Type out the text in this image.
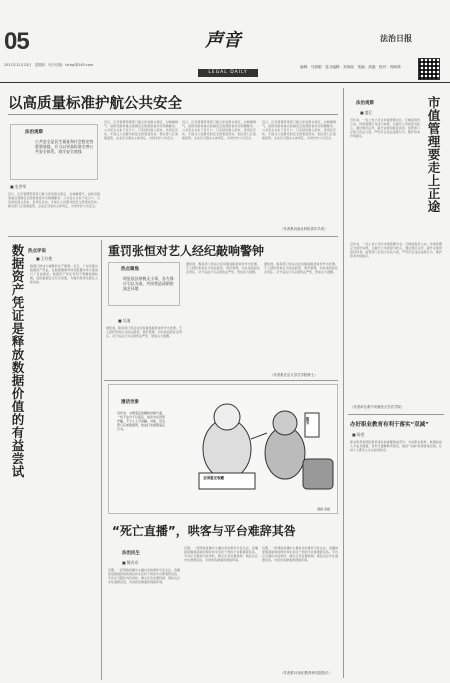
05
2021年12月23日　星期四　电子信箱：fzrbpl@163.com
声音
LEGAL DAILY
编辑：马树娟　见习编辑：刘客瑶　美编：高磊　校对：郭海鸿
法治日报
以高质量标准护航公共安全
法治观察
公共安全是民生福祉和社会稳定的重要前提。应当以更高标准完善公共安全体系，筑牢安全底线
■ 史洪举
近日，应急管理部等部门联合印发相关规定，对城镇燃气、消防设施等重点领域安全隐患排查作出明确要求。公共安全关系千家万户，只有把标准立起来、把责任压实，才能让人民群众的安全感更加充实。相关部门应加强监管，企业应当落实主体责任，共同守护公共安全。
近日，应急管理部等部门联合印发相关规定，对城镇燃气、消防设施等重点领域安全隐患排查作出明确要求。公共安全关系千家万户，只有把标准立起来、把责任压实，才能让人民群众的安全感更加充实。相关部门应加强监管，企业应当落实主体责任，共同守护公共安全。
近日，应急管理部等部门联合印发相关规定，对城镇燃气、消防设施等重点领域安全隐患排查作出明确要求。公共安全关系千家万户，只有把标准立起来、把责任压实，才能让人民群众的安全感更加充实。相关部门应加强监管，企业应当落实主体责任，共同守护公共安全。
近日，应急管理部等部门联合印发相关规定，对城镇燃气、消防设施等重点领域安全隐患排查作出明确要求。公共安全关系千家万户，只有把标准立起来、把责任压实，才能让人民群众的安全感更加充实。相关部门应加强监管，企业应当落实主体责任，共同守护公共安全。
（作者系河南社科院青年学者）
热点评说
■ 王红艳
数据资产凭证是释放数据价值的有益尝试	数据已经成为重要的生产要素。近日，广东省推出数据资产凭证，在数据要素市场化配置改革方面进行了有益探索。数据资产凭证有利于明确数据权属，促进数据安全有序流通，为数字经济发展注入新动能。
重罚张恒对艺人经纪敲响警钟
热点聚焦
明星依法纳税无小事，各方都应引以为戒，共同营造清朗的演艺环境
■ 吴迪
据报道，税务部门依法对张恒偷逃税款案件作出处理。艺人经纪机构应当依法经营，规范管理，切实承担起社会责任。对于违法行为必须依法严惩，形成有力震慑。
据报道，税务部门依法对张恒偷逃税款案件作出处理。艺人经纪机构应当依法经营，规范管理，切实承担起社会责任。对于违法行为必须依法严惩，形成有力震慑。
据报道，税务部门依法对张恒偷逃税款案件作出处理。艺人经纪机构应当依法经营，规范管理，切实承担起社会责任。对于违法行为必须依法严惩，形成有力震慑。
（作者系北京大学法学院博士）
漫话世象
近年来，文物鉴定收藏热持续升温，一些不法分子以鉴定、拍卖为名设局诈骗，不少人上当受骗。对此，有关部门应加强监管，依法打击虚假鉴定行为。
全国鉴定收藏
鉴宝
漫画 高磊
“死亡直播”，哄客与平台难辞其咎
法治民生
■ 熊丙奇
近期，一起网络直播中主播自杀的事件引发关注。直播间里围观起哄的网友和未及时干预的平台都难辞其咎。平台应当强化内容审核，健全应急处置机制；网民也应守住道德底线，共同营造健康的网络环境。
近期，一起网络直播中主播自杀的事件引发关注。直播间里围观起哄的网友和未及时干预的平台都难辞其咎。平台应当强化内容审核，健全应急处置机制；网民也应守住道德底线，共同营造健康的网络环境。
近期，一起网络直播中主播自杀的事件引发关注。直播间里围观起哄的网友和未及时干预的平台都难辞其咎。平台应当强化内容审核，健全应急处置机制；网民也应守住道德底线，共同营造健康的网络环境。
（作者系21世纪教育研究院院长）
法治观察
■ 盛江	市值管理要走上正途
近年来，一些上市公司以市值管理为名，行操纵股价之实。市值管理应当回归本源，以提升公司质量为核心，通过规范运作、提升业绩回报投资者。监管部门应加大执法力度，严厉打击违法违规行为，维护资本市场秩序。
近年来，一些上市公司以市值管理为名，行操纵股价之实。市值管理应当回归本源，以提升公司质量为核心，通过规范运作、提升业绩回报投资者。监管部门应加大执法力度，严厉打击违法违规行为，维护资本市场秩序。
（作者单位系中央财经大学法学院）
办好职业教育有利于落实“双减”
■ 杨雯
职业教育是国民教育体系的重要组成部分。办好职业教育，畅通技能人才成长通道，有利于缓解教育焦虑，推动“双减”政策落地见效，让每个人都有人生出彩的机会。
